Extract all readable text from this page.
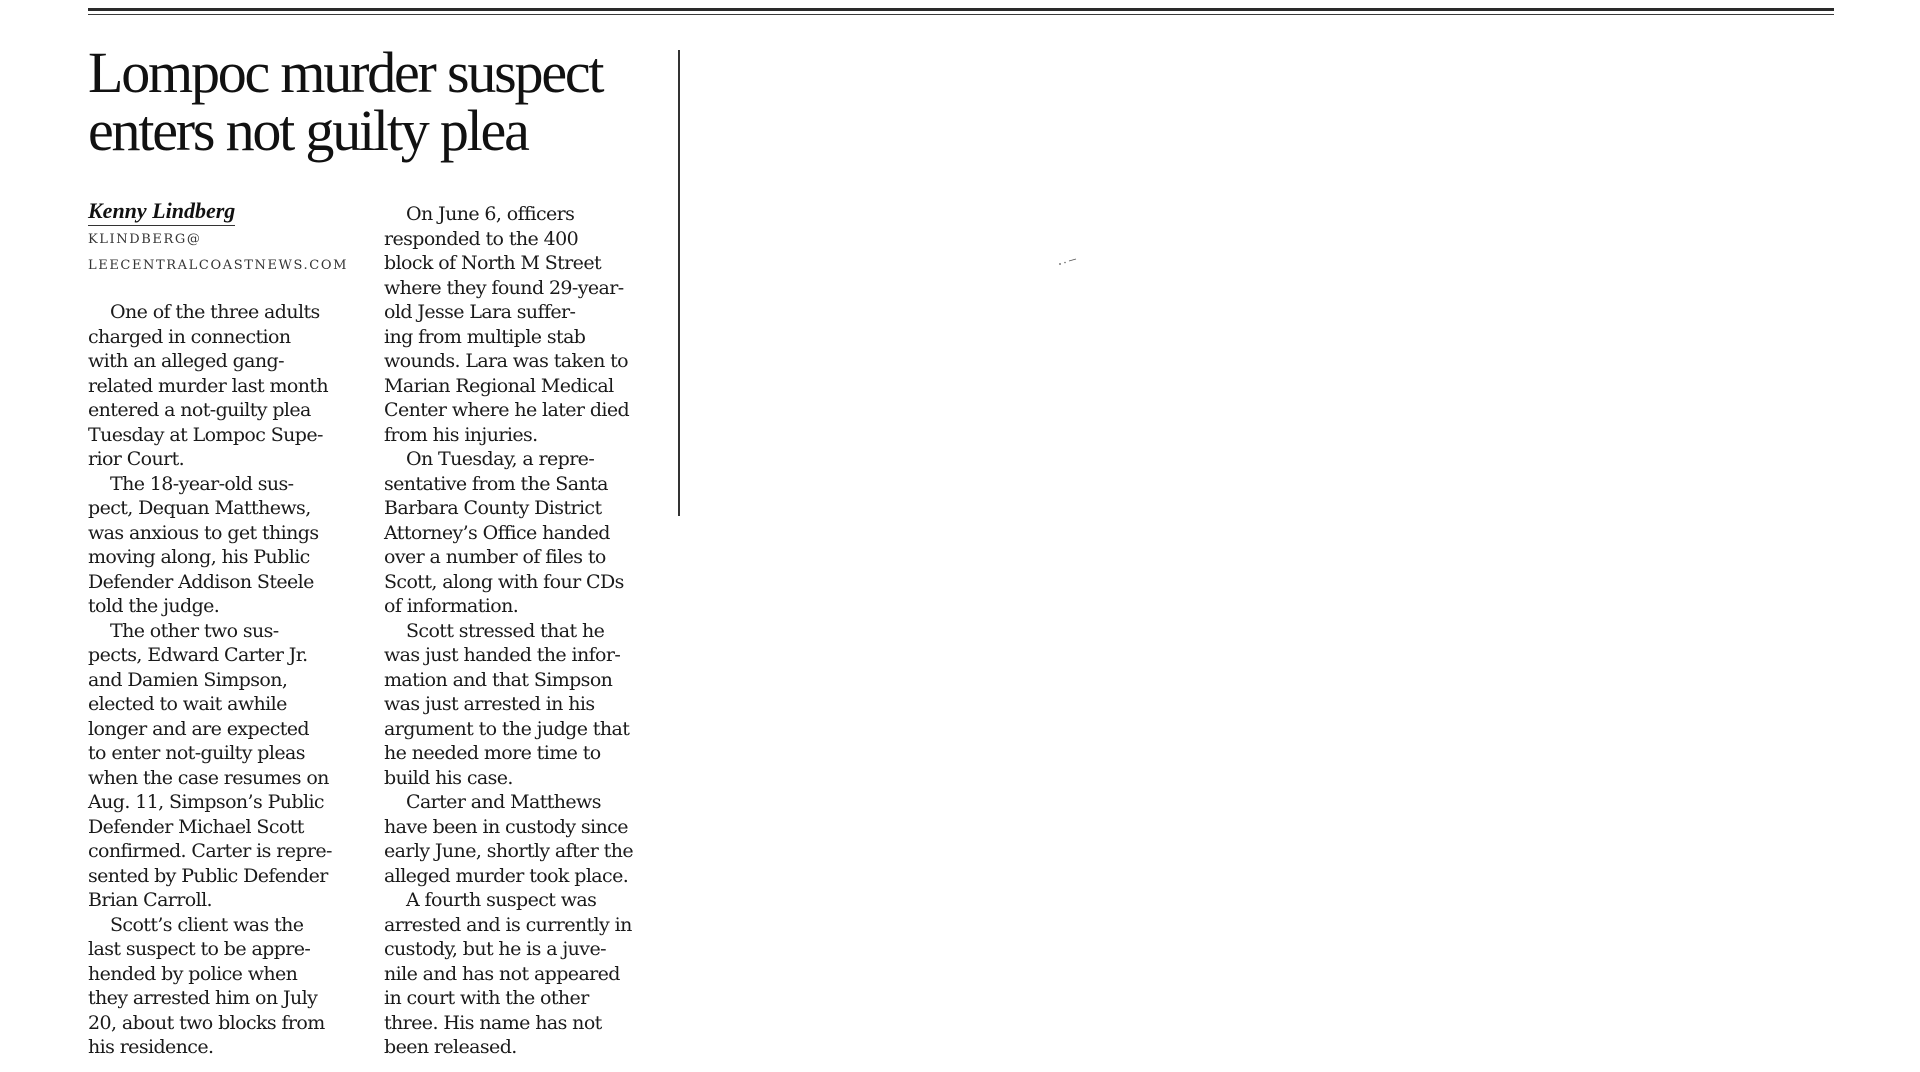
Lompoc murder suspect enters not guilty plea
Kenny Lindberg
KLINDBERG@
LEECENTRALCOASTNEWS.COM

One of the three adults
charged in connection
with an alleged gang-
related murder last month
entered a not-guilty plea
Tuesday at Lompoc Supe-
rior Court.

The 18-year-old sus-
pect, Dequan Matthews,
was anxious to get things
moving along, his Public
Defender Addison Steele
told the judge.

The other two sus-
pects, Edward Carter Jr.
and Damien Simpson,
elected to wait awhile
longer and are expected
to enter not-guilty pleas
when the case resumes on
Aug. 11, Simpson’s Public
Defender Michael Scott
confirmed. Carter is repre-
sented by Public Defender
Brian Carroll.

Scott’s client was the
last suspect to be appre-
hended by police when
they arrested him on July
20, about two blocks from
his residence.

On June 6, officers
responded to the 400
block of North M Street
where they found 29-year-
old Jesse Lara suffer-
ing from multiple stab
wounds. Lara was taken to
Marian Regional Medical
Center where he later died
from his injuries.

On Tuesday, a repre-
sentative from the Santa
Barbara County District
Attorney’s Office handed
over a number of files to
Scott, along with four CDs
of information.

Scott stressed that he
was just handed the infor-
mation and that Simpson
was just arrested in his
argument to the judge that
he needed more time to
build his case.

Carter and Matthews
have been in custody since
early June, shortly after the
alleged murder took place.

A fourth suspect was
arrested and is currently in
custody, but he is a juve-
nile and has not appeared
in court with the other
three. His name has not
been released.
